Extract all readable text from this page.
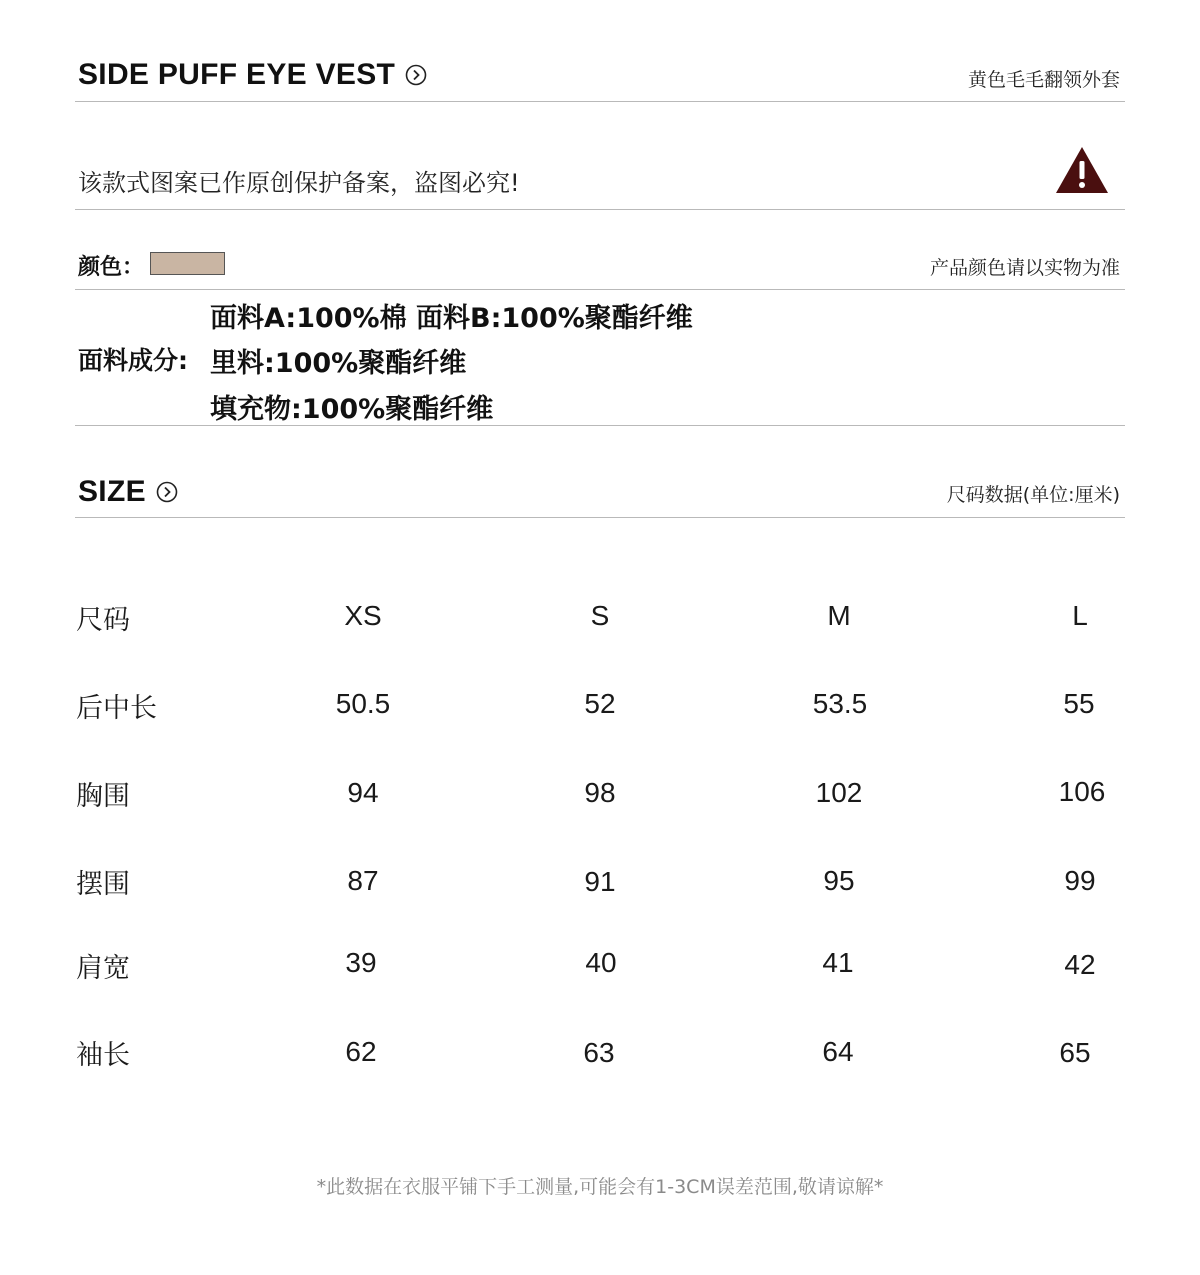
SIDE PUFF EYE VEST	黄色毛毛翻领外套
该款式图案已作原创保护备案，盗图必究!
颜色：	产品颜色请以实物为准
面料A:100%棉 面料B:100%聚酯纤维
面料成分: 里料:100%聚酯纤维
填充物:100%聚酯纤维
SIZE	尺码数据(单位:厘米)
尺码	XS	S	M	L
后中长	50.5	52	53.5	55
胸围	94	98	102	106
摆围	87	91	95	99
肩宽	39	40	41	42
袖长	62	63	64	65
*此数据在衣服平铺下手工测量,可能会有1-3CM误差范围,敬请谅解*
